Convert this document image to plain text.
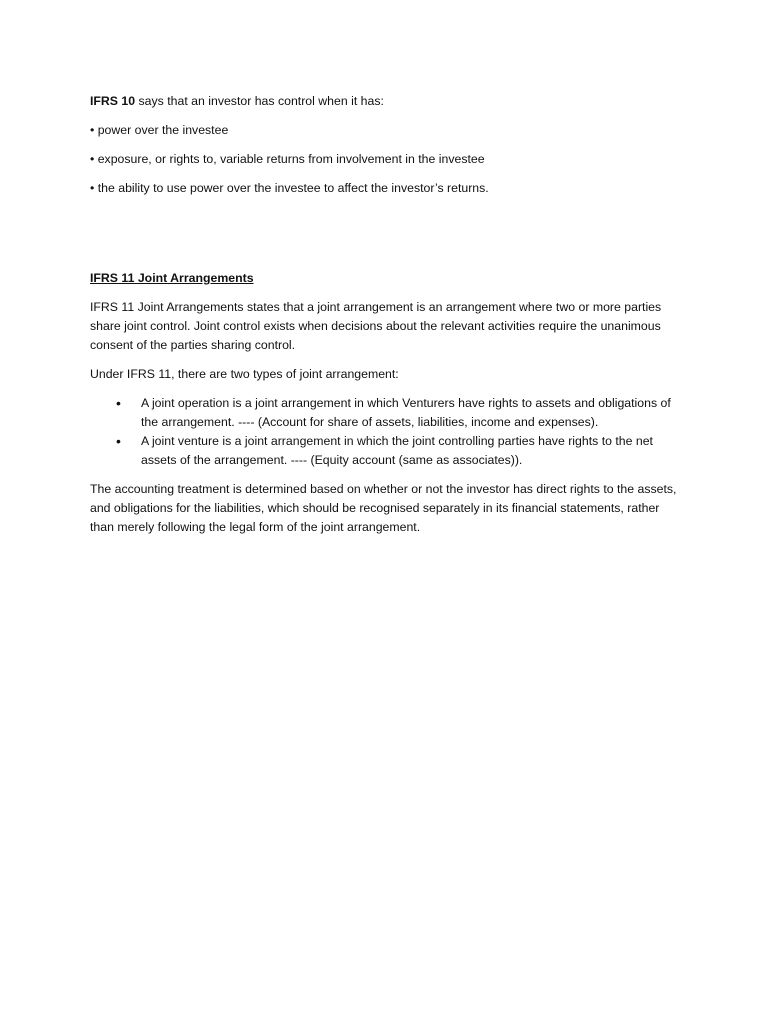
IFRS 10 says that an investor has control when it has:

• power over the investee

• exposure, or rights to, variable returns from involvement in the investee

• the ability to use power over the investee to affect the investor’s returns.

IFRS 11 Joint Arrangements

IFRS 11 Joint Arrangements states that a joint arrangement is an arrangement where two or more parties share joint control. Joint control exists when decisions about the relevant activities require the unanimous consent of the parties sharing control.

Under IFRS 11, there are two types of joint arrangement:

• A joint operation is a joint arrangement in which Venturers have rights to assets and obligations of the arrangement. ---- (Account for share of assets, liabilities, income and expenses).
• A joint venture is a joint arrangement in which the joint controlling parties have rights to the net assets of the arrangement. ---- (Equity account (same as associates)).

The accounting treatment is determined based on whether or not the investor has direct rights to the assets, and obligations for the liabilities, which should be recognised separately in its financial statements, rather than merely following the legal form of the joint arrangement.
